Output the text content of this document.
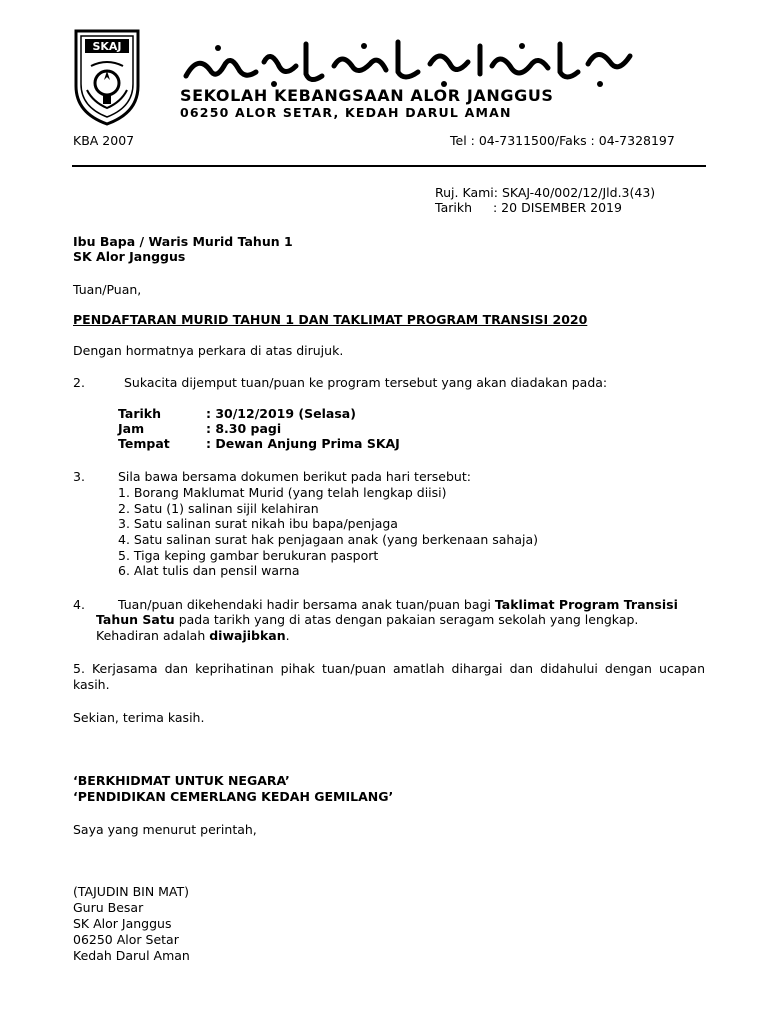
SKAJ
SEKOLAH KEBANGSAAN ALOR JANGGUS
06250 ALOR SETAR, KEDAH DARUL AMAN
KBA 2007	Tel : 04-7311500/Faks : 04-7328197
Ruj. Kami: SKAJ-40/002/12/Jld.3(43)
Tarikh : 20 DISEMBER 2019
Ibu Bapa / Waris Murid Tahun 1
SK Alor Janggus
Tuan/Puan,
PENDAFTARAN MURID TAHUN 1 DAN TAKLIMAT PROGRAM TRANSISI 2020
Dengan hormatnya perkara di atas dirujuk.
2.	Sukacita dijemput tuan/puan ke program tersebut yang akan diadakan pada:
Tarikh	: 30/12/2019 (Selasa)
Jam	: 8.30 pagi
Tempat	: Dewan Anjung Prima SKAJ
3.	Sila bawa bersama dokumen berikut pada hari tersebut:
1. Borang Maklumat Murid (yang telah lengkap diisi)
2. Satu (1) salinan sijil kelahiran
3. Satu salinan surat nikah ibu bapa/penjaga
4. Satu salinan surat hak penjagaan anak (yang berkenaan sahaja)
5. Tiga keping gambar berukuran pasport
6. Alat tulis dan pensil warna
4.	Tuan/puan dikehendaki hadir bersama anak tuan/puan bagi Taklimat Program Transisi
Tahun Satu pada tarikh yang di atas dengan pakaian seragam sekolah yang lengkap.
Kehadiran adalah diwajibkan.
5. Kerjasama dan keprihatinan pihak tuan/puan amatlah dihargai dan didahului dengan ucapan
kasih.
Sekian, terima kasih.
‘BERKHIDMAT UNTUK NEGARA’
‘PENDIDIKAN CEMERLANG KEDAH GEMILANG’
Saya yang menurut perintah,
(TAJUDIN BIN MAT)
Guru Besar
SK Alor Janggus
06250 Alor Setar
Kedah Darul Aman
